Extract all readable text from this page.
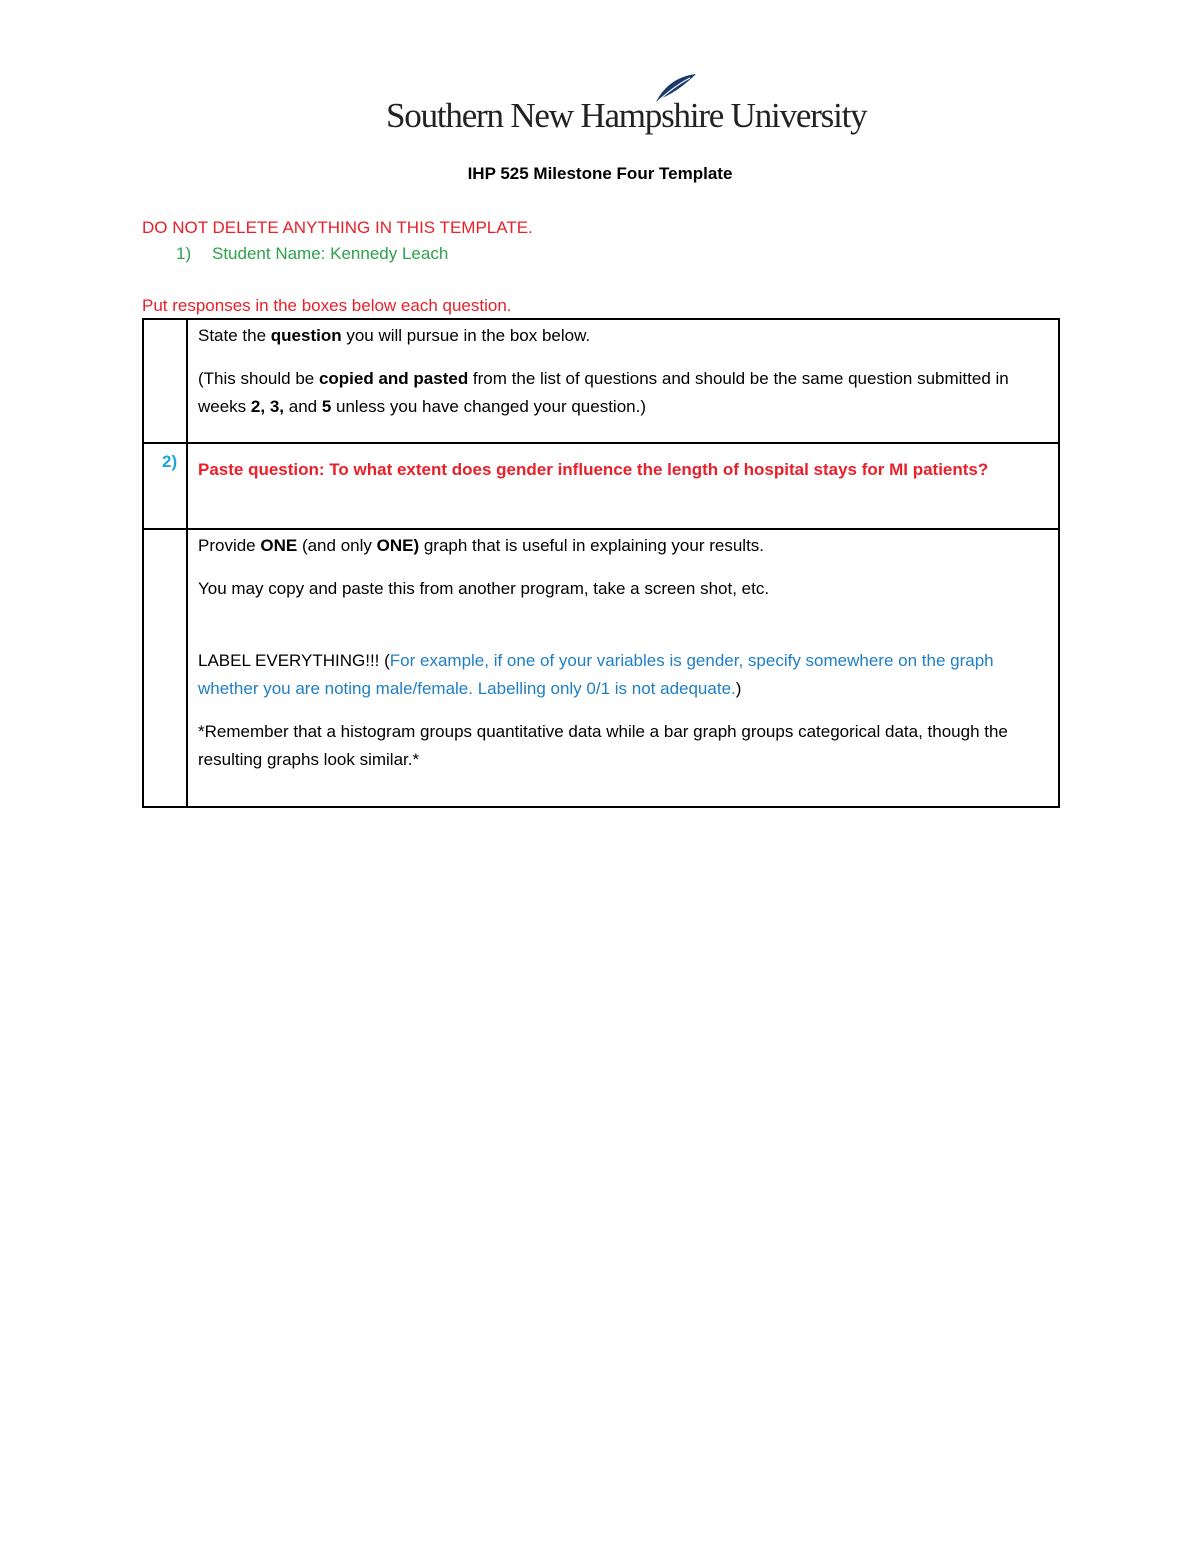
Southern New Hampshire University
IHP 525 Milestone Four Template
DO NOT DELETE ANYTHING IN THIS TEMPLATE.
1) Student Name: Kennedy Leach
Put responses in the boxes below each question.

	State the question you will pursue in the box below.

(This should be copied and pasted from the list of questions and should be the same question submitted in weeks 2, 3, and 5 unless you have changed your question.)

2)	Paste question: To what extent does gender influence the length of hospital stays for MI patients?

	Provide ONE (and only ONE) graph that is useful in explaining your results.

You may copy and paste this from another program, take a screen shot, etc.

LABEL EVERYTHING!!! (For example, if one of your variables is gender, specify somewhere on the graph whether you are noting male/female. Labelling only 0/1 is not adequate.)

*Remember that a histogram groups quantitative data while a bar graph groups categorical data, though the resulting graphs look similar.*
